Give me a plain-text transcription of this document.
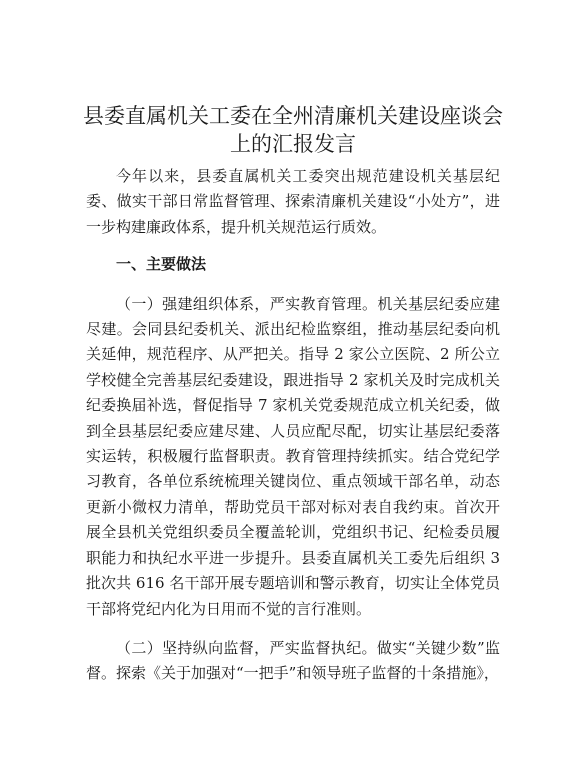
县委直属机关工委在全州清廉机关建设座谈会
上的汇报发言

今年以来，县委直属机关工委突出规范建设机关基层纪委、做实干部日常监督管理、探索清廉机关建设“小处方”，进一步构建廉政体系，提升机关规范运行质效。

一、主要做法

（一）强建组织体系，严实教育管理。机关基层纪委应建尽建。会同县纪委机关、派出纪检监察组，推动基层纪委向机关延伸，规范程序、从严把关。指导 2 家公立医院、2 所公立学校健全完善基层纪委建设，跟进指导 2 家机关及时完成机关纪委换届补选，督促指导 7 家机关党委规范成立机关纪委，做到全县基层纪委应建尽建、人员应配尽配，切实让基层纪委落实运转，积极履行监督职责。教育管理持续抓实。结合党纪学习教育，各单位系统梳理关键岗位、重点领域干部名单，动态更新小微权力清单，帮助党员干部对标对表自我约束。首次开展全县机关党组织委员全覆盖轮训，党组织书记、纪检委员履职能力和执纪水平进一步提升。县委直属机关工委先后组织 3 批次共 616 名干部开展专题培训和警示教育，切实让全体党员干部将党纪内化为日用而不觉的言行准则。

（二）坚持纵向监督，严实监督执纪。做实“关键少数”监督。探索《关于加强对“一把手”和领导班子监督的十条措施》，
